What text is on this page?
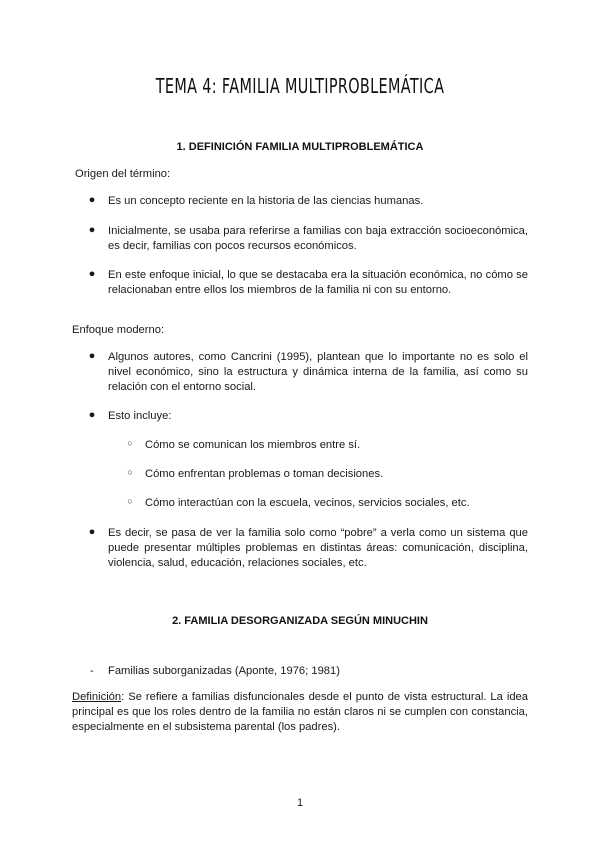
TEMA 4: FAMILIA MULTIPROBLEMÁTICA
1. DEFINICIÓN FAMILIA MULTIPROBLEMÁTICA
Origen del término:
● Es un concepto reciente en la historia de las ciencias humanas.
● Inicialmente, se usaba para referirse a familias con baja extracción socioeconómica, es decir, familias con pocos recursos económicos.
● En este enfoque inicial, lo que se destacaba era la situación económica, no cómo se relacionaban entre ellos los miembros de la familia ni con su entorno.
Enfoque moderno:
● Algunos autores, como Cancrini (1995), plantean que lo importante no es solo el nivel económico, sino la estructura y dinámica interna de la familia, así como su relación con el entorno social.
● Esto incluye:
○ Cómo se comunican los miembros entre sí.
○ Cómo enfrentan problemas o toman decisiones.
○ Cómo interactúan con la escuela, vecinos, servicios sociales, etc.
● Es decir, se pasa de ver la familia solo como “pobre” a verla como un sistema que puede presentar múltiples problemas en distintas áreas: comunicación, disciplina, violencia, salud, educación, relaciones sociales, etc.
2. FAMILIA DESORGANIZADA SEGÚN MINUCHIN
- Familias suborganizadas (Aponte, 1976; 1981)
Definición: Se refiere a familias disfuncionales desde el punto de vista estructural. La idea principal es que los roles dentro de la familia no están claros ni se cumplen con constancia, especialmente en el subsistema parental (los padres).
1
